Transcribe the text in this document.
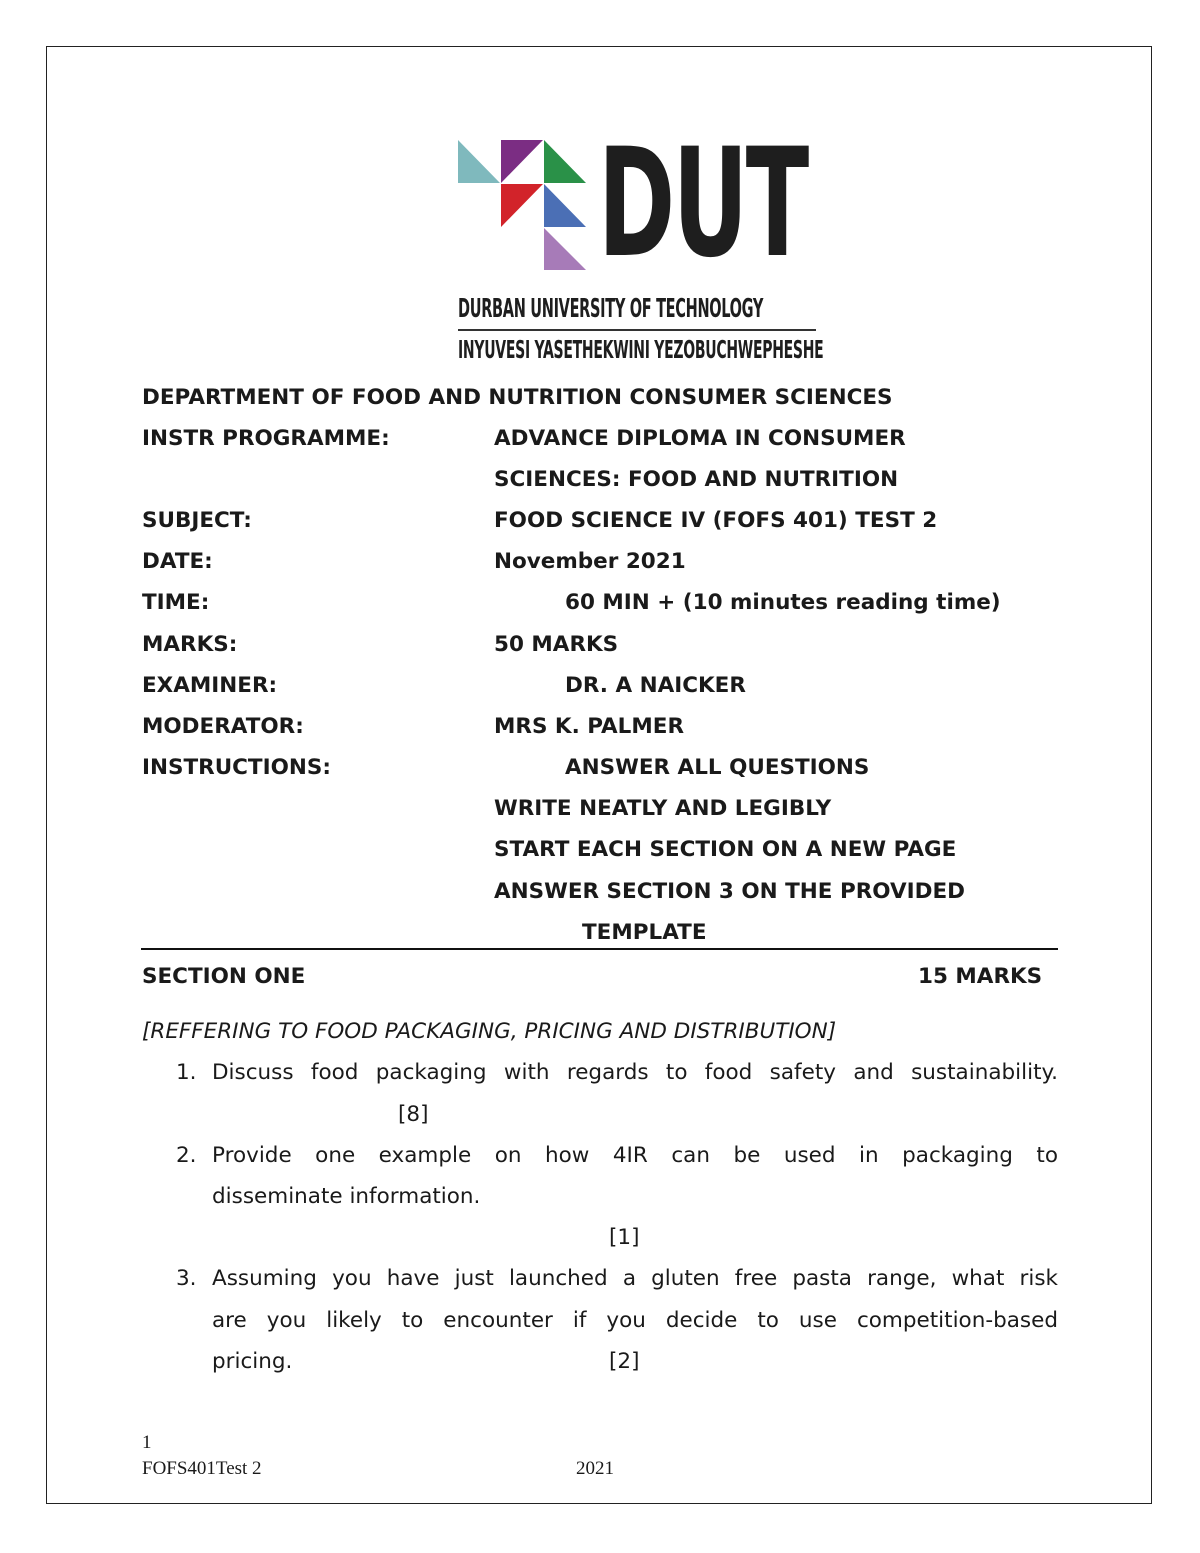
DUT
DURBAN UNIVERSITY OF TECHNOLOGY
INYUVESI YASETHEKWINI YEZOBUCHWEPHESHE
DEPARTMENT OF FOOD AND NUTRITION CONSUMER SCIENCES
INSTR PROGRAMME:	ADVANCE DIPLOMA IN CONSUMER
SCIENCES: FOOD AND NUTRITION
SUBJECT:	FOOD SCIENCE IV (FOFS 401) TEST 2
DATE:	November 2021
TIME:	60 MIN + (10 minutes reading time)
MARKS:	50 MARKS
EXAMINER:	DR. A NAICKER
MODERATOR:	MRS K. PALMER
INSTRUCTIONS:	ANSWER ALL QUESTIONS
WRITE NEATLY AND LEGIBLY
START EACH SECTION ON A NEW PAGE
ANSWER SECTION 3 ON THE PROVIDED
TEMPLATE
SECTION ONE	15 MARKS
[REFFERING TO FOOD PACKAGING, PRICING AND DISTRIBUTION]
1. Discuss food packaging with regards to food safety and sustainability.
[8]
2. Provide one example on how 4IR can be used in packaging to
disseminate information.
[1]
3. Assuming you have just launched a gluten free pasta range, what risk
are you likely to encounter if you decide to use competition-based
pricing.	[2]
1
FOFS401Test 2	2021
